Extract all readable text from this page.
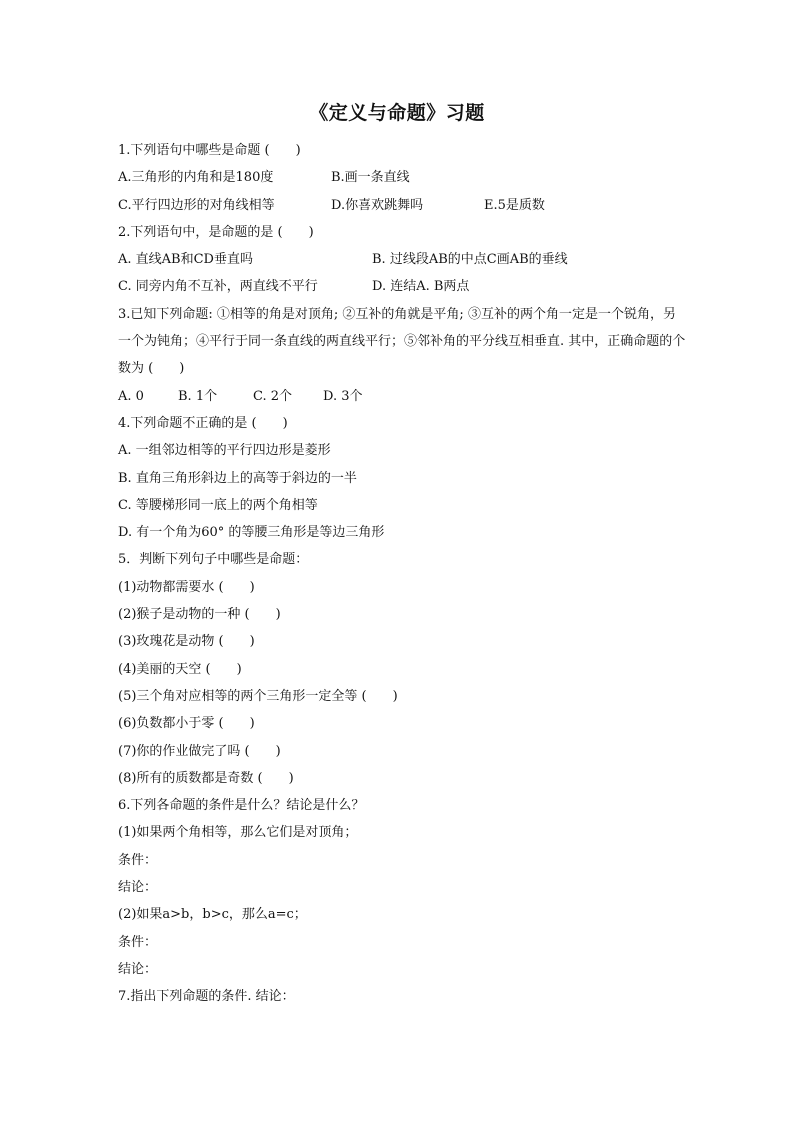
《定义与命题》习题
1.下列语句中哪些是命题 (　　)
A.三角形的内角和是180度	B.画一条直线
C.平行四边形的对角线相等	D.你喜欢跳舞吗	E.5是质数
2.下列语句中，是命题的是 (　　)
A. 直线AB和CD垂直吗	B. 过线段AB的中点C画AB的垂线
C. 同旁内角不互补，两直线不平行	D. 连结A. B两点
3.已知下列命题: ①相等的角是对顶角; ②互补的角就是平角; ③互补的两个角一定是一个锐角，另一个为钝角；④平行于同一条直线的两直线平行；⑤邻补角的平分线互相垂直. 其中，正确命题的个数为 (　　)
A. 0	B. 1个	C. 2个	D. 3个
4.下列命题不正确的是 (　　)
A. 一组邻边相等的平行四边形是菱形
B. 直角三角形斜边上的高等于斜边的一半
C. 等腰梯形同一底上的两个角相等
D. 有一个角为60° 的等腰三角形是等边三角形
5．判断下列句子中哪些是命题：
(1)动物都需要水 (　　)
(2)猴子是动物的一种 (　　)
(3)玫瑰花是动物 (　　)
(4)美丽的天空 (　　)
(5)三个角对应相等的两个三角形一定全等 (　　)
(6)负数都小于零 (　　)
(7)你的作业做完了吗 (　　)
(8)所有的质数都是奇数 (　　)
6.下列各命题的条件是什么？结论是什么？
(1)如果两个角相等，那么它们是对顶角；
条件：
结论：
(2)如果a>b，b>c，那么a=c；
条件：
结论：
7.指出下列命题的条件. 结论：
